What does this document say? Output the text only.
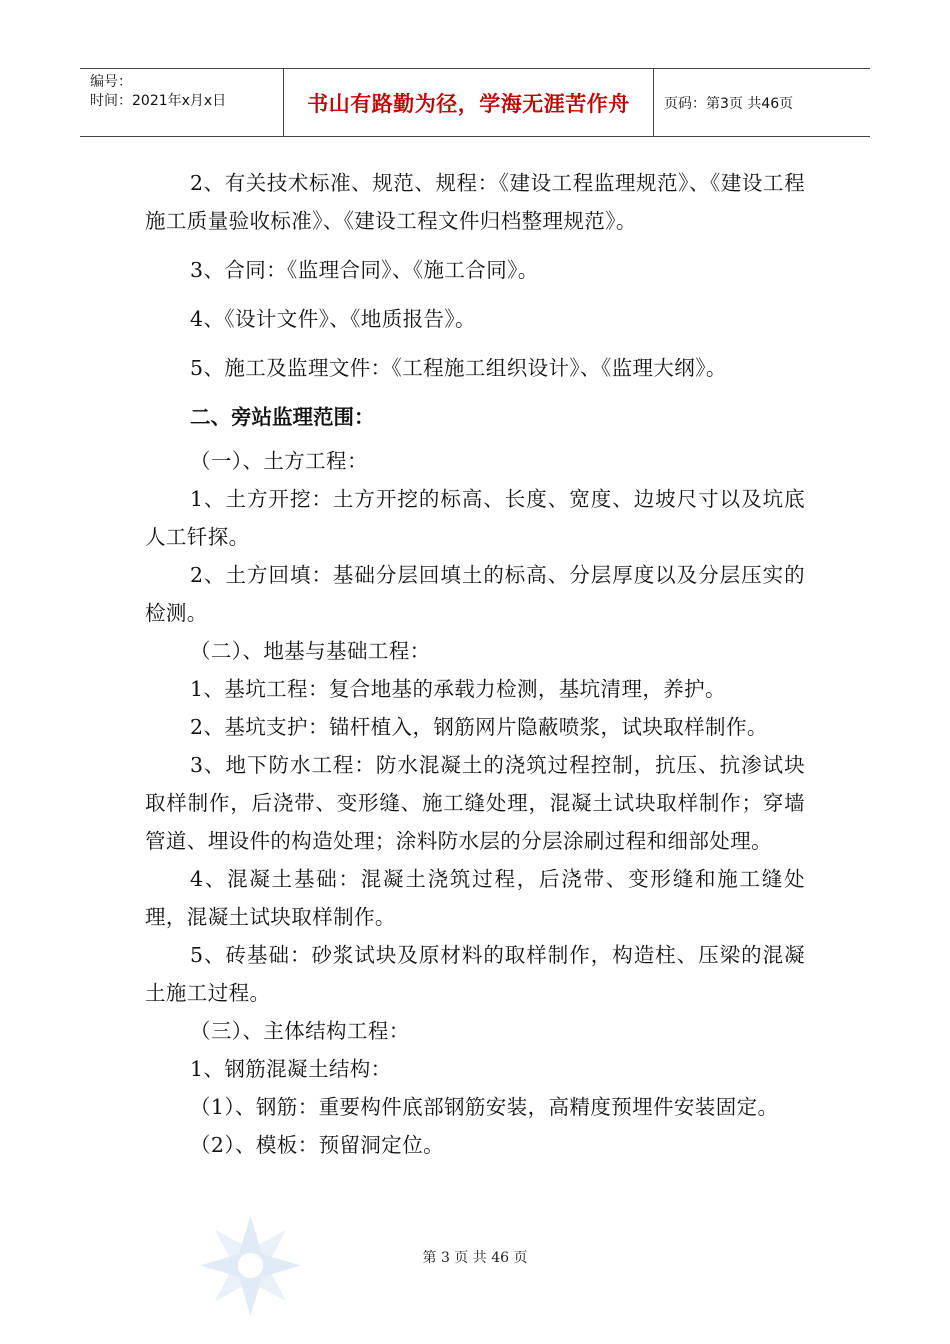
编号：
时间：2021年x月x日	书山有路勤为径，学海无涯苦作舟	页码：第3页 共46页

2、有关技术标准、规范、规程：《建设工程监理规范》、《建设工程施工质量验收标准》、《建设工程文件归档整理规范》。

3、合同：《监理合同》、《施工合同》。

4、《设计文件》、《地质报告》。

5、施工及监理文件：《工程施工组织设计》、《监理大纲》。

二、旁站监理范围：

（一）、土方工程：

1、土方开挖：土方开挖的标高、长度、宽度、边坡尺寸以及坑底人工钎探。

2、土方回填：基础分层回填土的标高、分层厚度以及分层压实的检测。

（二）、地基与基础工程：

1、基坑工程：复合地基的承载力检测，基坑清理，养护。

2、基坑支护：锚杆植入，钢筋网片隐蔽喷浆，试块取样制作。

3、地下防水工程：防水混凝土的浇筑过程控制，抗压、抗渗试块取样制作，后浇带、变形缝、施工缝处理，混凝土试块取样制作；穿墙管道、埋设件的构造处理；涂料防水层的分层涂刷过程和细部处理。

4、混凝土基础：混凝土浇筑过程，后浇带、变形缝和施工缝处理，混凝土试块取样制作。

5、砖基础：砂浆试块及原材料的取样制作，构造柱、压梁的混凝土施工过程。

（三）、主体结构工程：

1、钢筋混凝土结构：

（1）、钢筋：重要构件底部钢筋安装，高精度预埋件安装固定。

（2）、模板：预留洞定位。

第 3 页 共 46 页
